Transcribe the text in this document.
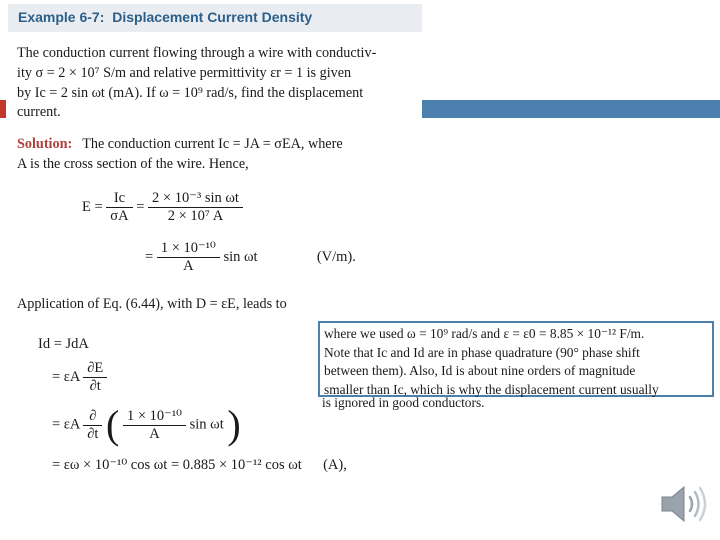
Example 6-7: Displacement Current Density
The conduction current flowing through a wire with conductiv-
ity σ = 2 × 10⁷ S/m and relative permittivity εr = 1 is given
by Ic = 2 sin ωt (mA). If ω = 10⁹ rad/s, find the displacement
current.
Solution: The conduction current Ic = JA = σEA, where
A is the cross section of the wire. Hence,
$E = \frac{Ic}{\sigma A} = \frac{\text{2 × 10⁻³ sin ωt}}{\text{2 × 10⁷ A}}$
= $\frac{\text{1 × 10⁻¹⁰}}{A}$ sin ωt	(V/m).
Application of Eq. (6.44), with D = εE, leads to
Id = JdA
= εA $\frac{\partial E}{\partial t}$
= εA $\frac{\partial}{\partial t}$ ( $\frac{\text{1 × 10⁻¹⁰}}{A}$ sin ωt )
= εω × 10⁻¹⁰ cos ωt = 0.885 × 10⁻¹² cos ωt (A),
where we used ω = 10⁹ rad/s and ε = ε0 = 8.85 × 10⁻¹² F/m.
Note that Ic and Id are in phase quadrature (90° phase shift
between them). Also, Id is about nine orders of magnitude
smaller than Ic, which is why the displacement current usually
is ignored in good conductors.
